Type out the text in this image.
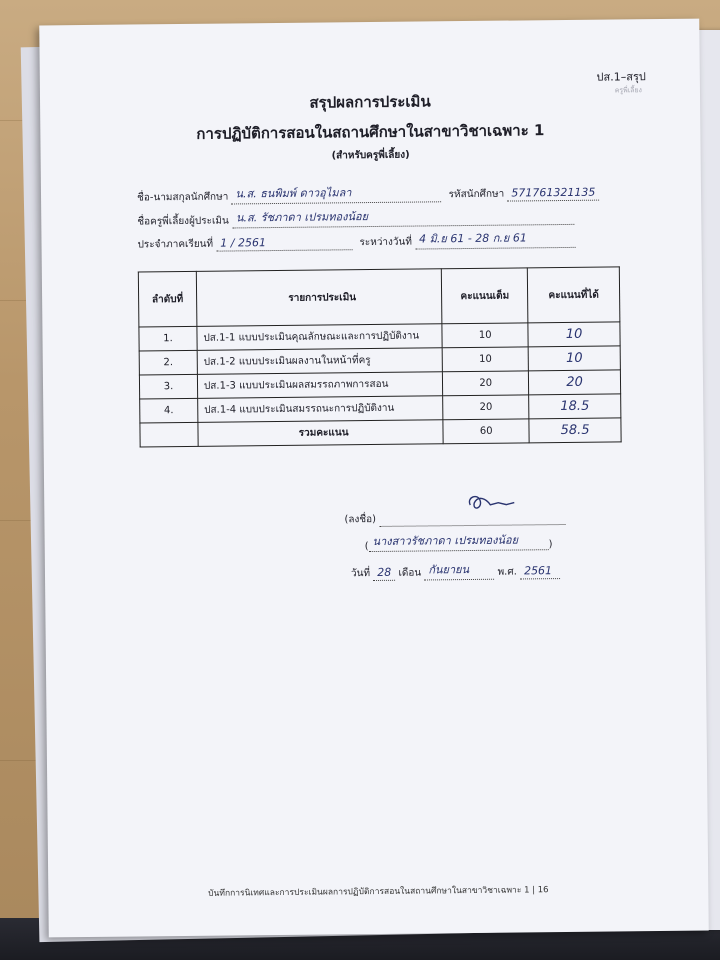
ปส.1–สรุป
ครูพี่เลี้ยง
สรุปผลการประเมิน
การปฏิบัติการสอนในสถานศึกษาในสาขาวิชาเฉพาะ 1
(สำหรับครูพี่เลี้ยง)
ชื่อ-นามสกุลนักศึกษา น.ส. ธนพิมพ์ ดาวอุไมลา	รหัสนักศึกษา 571761321135
ชื่อครูพี่เลี้ยงผู้ประเมิน น.ส. รัชภาดา เปรมทองน้อย
ประจำภาคเรียนที่ 1 / 2561	ระหว่างวันที่ 4 มิ.ย 61 - 28 ก.ย 61
ลำดับที่	รายการประเมิน	คะแนนเต็ม	คะแนนที่ได้
1.	ปส.1-1 แบบประเมินคุณลักษณะและการปฏิบัติงาน	10	10
2.	ปส.1-2 แบบประเมินผลงานในหน้าที่ครู	10	10
3.	ปส.1-3 แบบประเมินผลสมรรถภาพการสอน	20	20
4.	ปส.1-4 แบบประเมินสมรรถนะการปฏิบัติงาน	20	18.5
	รวมคะแนน	60	58.5
(ลงชื่อ)
( นางสาวรัชภาดา เปรมทองน้อย	)
วันที่ 28 เดือน กันยายน	พ.ศ. 2561
บันทึกการนิเทศและการประเมินผลการปฏิบัติการสอนในสถานศึกษาในสาขาวิชาเฉพาะ 1 | 16
